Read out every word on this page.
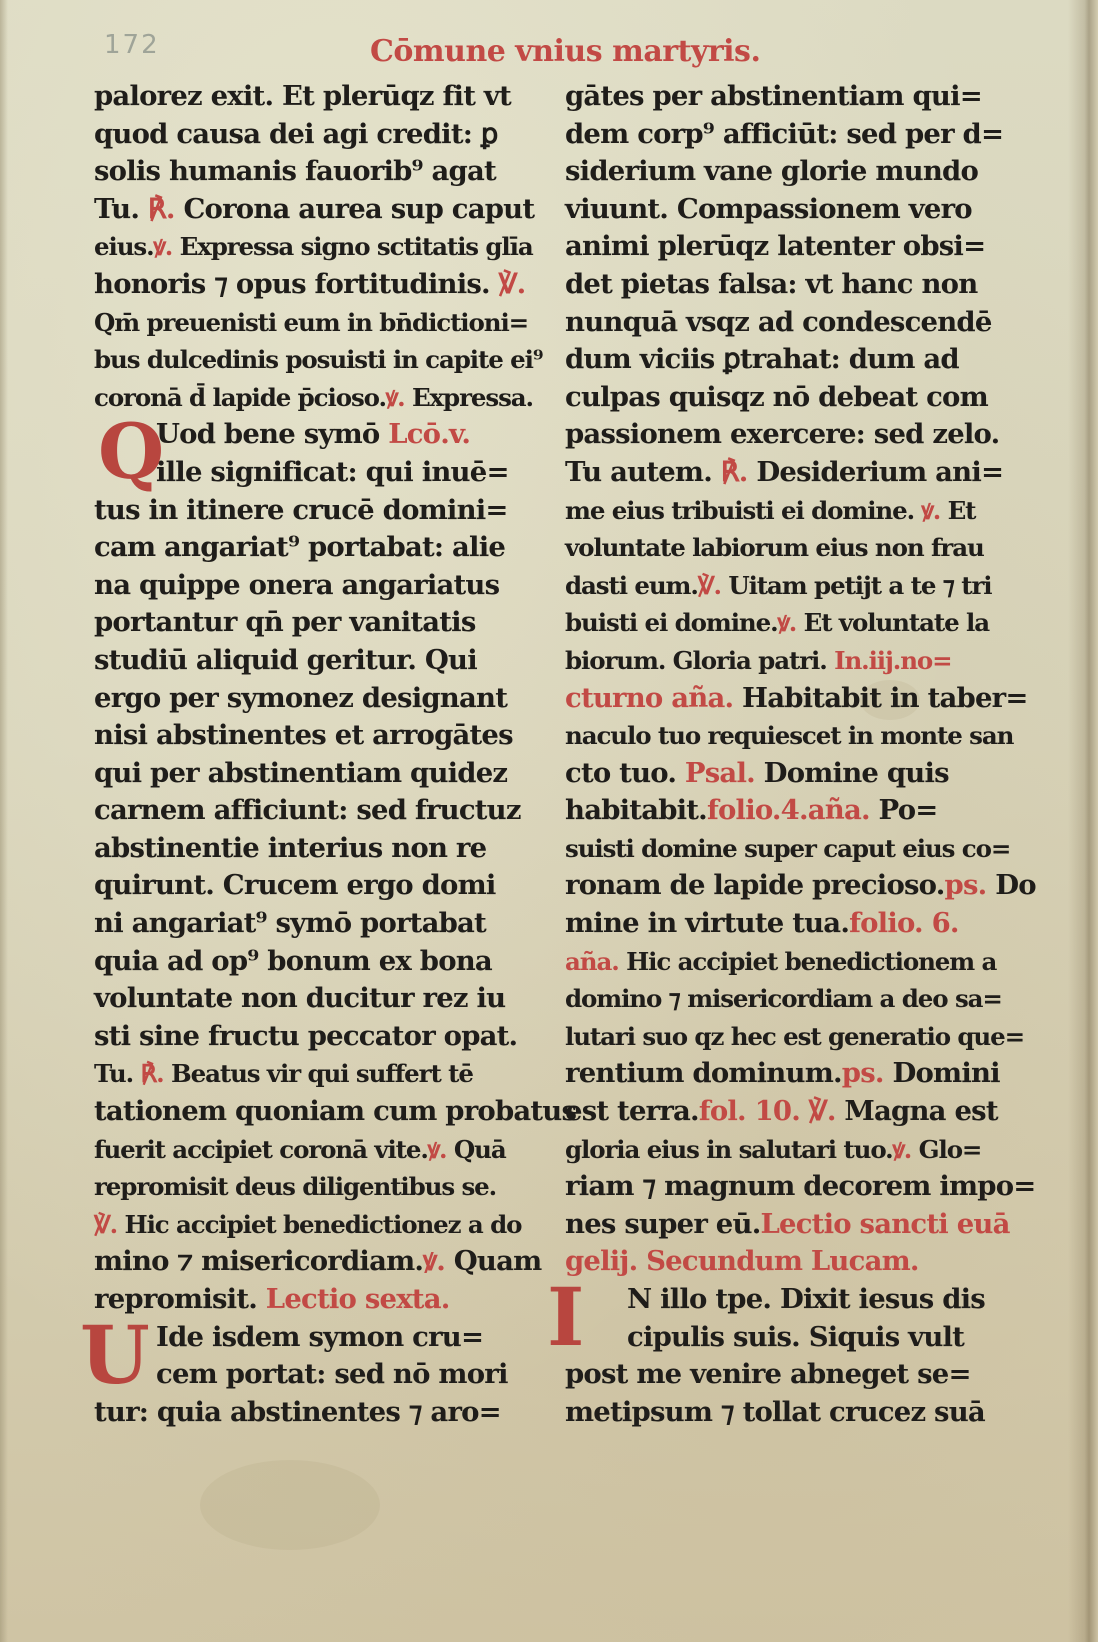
172	Cōmune vnius martyris.
palorez exit. Et plerūqz fit vt
quod causa dei agi credit: ꝑ
solis humanis fauorib⁹ agat
Tu. ℟. Corona aurea sup caput
eius.ꝟ. Expressa signo sctitatis glīa
honoris ⁊ opus fortitudinis. ℣.
Qm̄ preuenisti eum in bn̄dictioni=
bus dulcedinis posuisti in capite ei⁹
coronā d̄ lapide p̄cioso.ꝟ. Expressa.
Q
Uod bene symō Lcō.v.
ille significat: qui inuē=
tus in itinere crucē domini=
cam angariat⁹ portabat: alie
na quippe onera angariatus
portantur qn̄ per vanitatis
studiū aliquid geritur. Qui
ergo per symonez designant
nisi abstinentes et arrogātes
qui per abstinentiam quidez
carnem afficiunt: sed fructuz
abstinentie interius non re
quirunt. Crucem ergo domi
ni angariat⁹ symō portabat
quia ad op⁹ bonum ex bona
voluntate non ducitur rez iu
sti sine fructu peccator opat.
Tu. ℟. Beatus vir qui suffert tē
tationem quoniam cum probatus
fuerit accipiet coronā vite.ꝟ. Quā
repromisit deus diligentibus se.
℣. Hic accipiet benedictionez a do
mino ⁊ misericordiam.ꝟ. Quam
repromisit. Lectio sexta.
U Ide isdem symon cru=
cem portat: sed nō mori
tur: quia abstinentes ⁊ aro=
gātes per abstinentiam qui=
dem corp⁹ afficiūt: sed per d=
siderium vane glorie mundo
viuunt. Compassionem vero
animi plerūqz latenter obsi=
det pietas falsa: vt hanc non
nunquā vsqz ad condescendē
dum viciis ꝑtrahat: dum ad
culpas quisqz nō debeat com
passionem exercere: sed zelo.
Tu autem. ℟. Desiderium ani=
me eius tribuisti ei domine. ꝟ. Et
voluntate labiorum eius non frau
dasti eum.℣. Uitam petijt a te ⁊ tri
buisti ei domine.ꝟ. Et voluntate la
biorum. Gloria patri. In.iij.no=
cturno aña. Habitabit in taber=
naculo tuo requiescet in monte san
cto tuo. Psal. Domine quis
habitabit.folio.4.aña. Po=
suisti domine super caput eius co=
ronam de lapide precioso.ps. Do
mine in virtute tua.folio. 6.
aña. Hic accipiet benedictionem a
domino ⁊ misericordiam a deo sa=
lutari suo qz hec est generatio que=
rentium dominum.ps. Domini
est terra.fol. 10. ℣. Magna est
gloria eius in salutari tuo.ꝟ. Glo=
riam ⁊ magnum decorem impo=
nes super eū.Lectio sancti euā
gelij. Secundum Lucam.
I N illo tpe. Dixit iesus dis
cipulis suis. Siquis vult
post me venire abneget se=
metipsum ⁊ tollat crucez suā
